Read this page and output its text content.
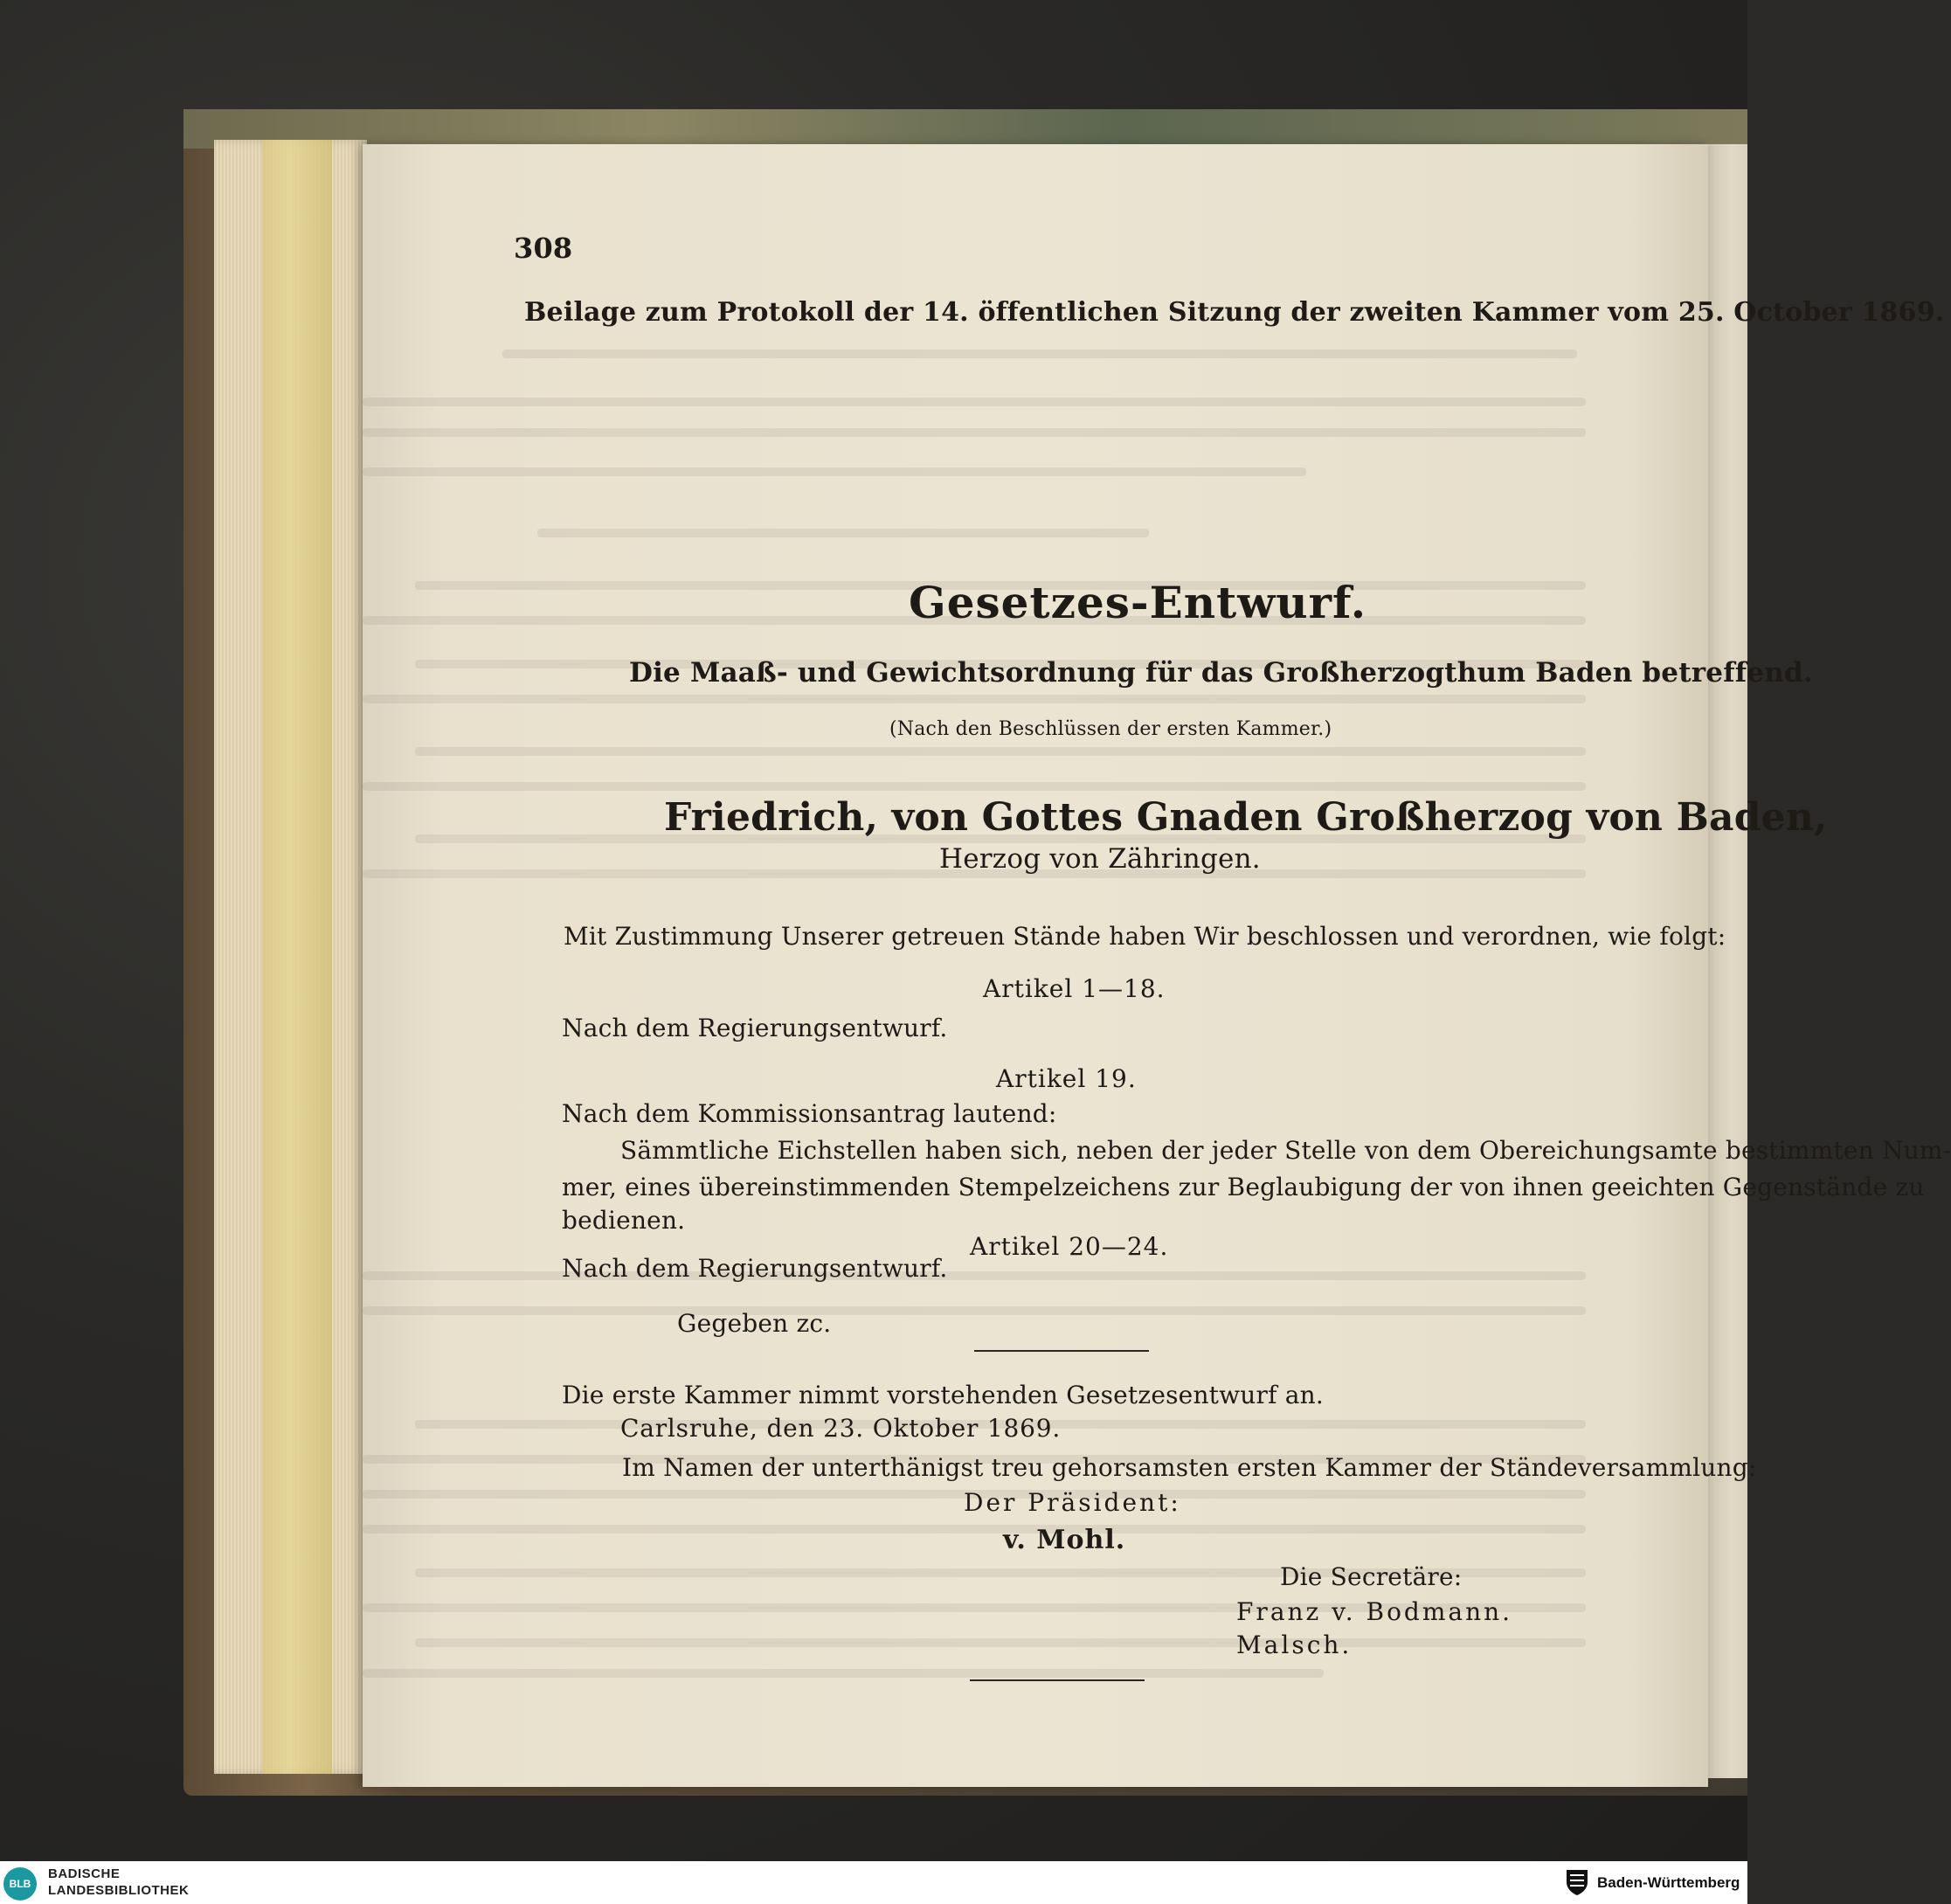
308
Beilage zum Protokoll der 14. öffentlichen Sitzung der zweiten Kammer vom 25. October 1869.
Gesetzes-Entwurf.
Die Maaß- und Gewichtsordnung für das Großherzogthum Baden betreffend.
(Nach den Beschlüssen der ersten Kammer.)
Friedrich, von Gottes Gnaden Großherzog von Baden,
Herzog von Zähringen.
Mit Zustimmung Unserer getreuen Stände haben Wir beschlossen und verordnen, wie folgt:
Artikel 1—18.
Nach dem Regierungsentwurf.
Artikel 19.
Nach dem Kommissionsantrag lautend:
Sämmtliche Eichstellen haben sich, neben der jeder Stelle von dem Obereichungsamte bestimmten Num-
mer, eines übereinstimmenden Stempelzeichens zur Beglaubigung der von ihnen geeichten Gegenstände zu
bedienen.
Artikel 20—24.
Nach dem Regierungsentwurf.
Gegeben zc.
Die erste Kammer nimmt vorstehenden Gesetzesentwurf an.
Carlsruhe, den 23. Oktober 1869.
Im Namen der unterthänigst treu gehorsamsten ersten Kammer der Ständeversammlung:
Der Präsident:
v. Mohl.
Die Secretäre:
Franz v. Bodmann.
Malsch.
BLB
BADISCHE
LANDESBIBLIOTHEK	Baden-Württemberg
